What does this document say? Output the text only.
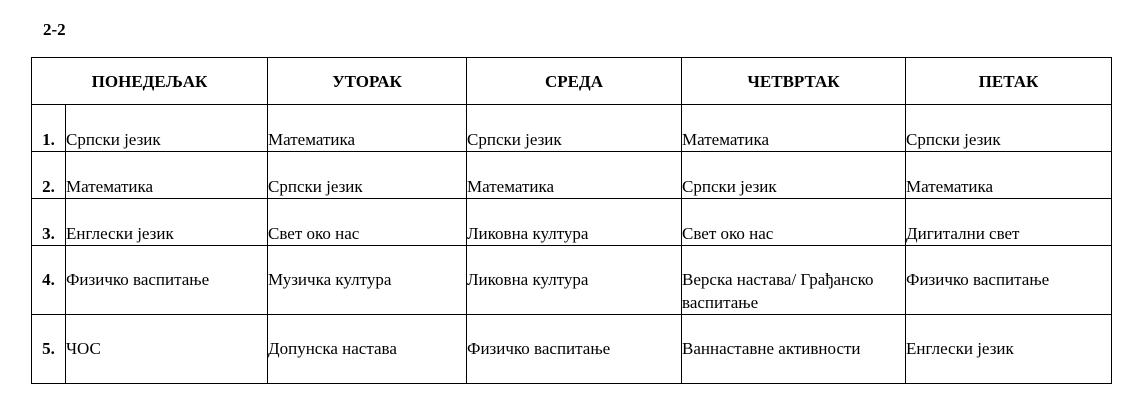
2-2
ПОНЕДЕЉАК		УТОРАК	СРЕДА	ЧЕТВРТАК	ПЕТАК
1.	Српски језик	Математика	Српски језик	Математика	Српски језик
2.	Математика	Српски језик	Математика	Српски језик	Математика
3.	Енглески језик	Свет око нас	Ликовна култура	Свет око нас	Дигитални свет
4.	Физичко васпитање	Музичка култура	Ликовна култура	Верска настава/ Грађанско васпитање	Физичко васпитање
5.	ЧОС	Допунска настава	Физичко васпитање	Ваннаставне активности	Енглески језик
